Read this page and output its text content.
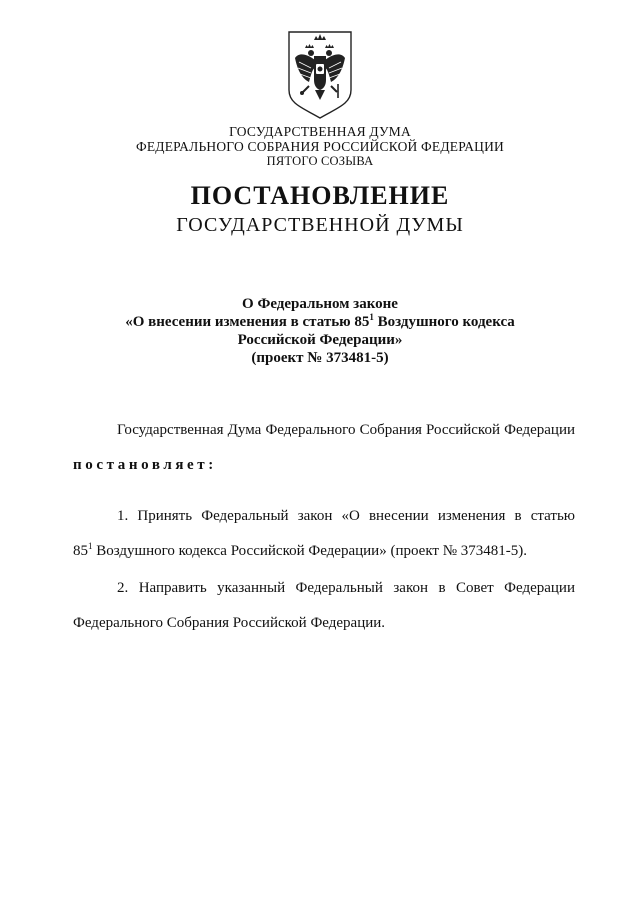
ГОСУДАРСТВЕННАЯ ДУМА
ФЕДЕРАЛЬНОГО СОБРАНИЯ РОССИЙСКОЙ ФЕДЕРАЦИИ
ПЯТОГО СОЗЫВА
ПОСТАНОВЛЕНИЕ
ГОСУДАРСТВЕННОЙ ДУМЫ
О Федеральном законе
«О внесении изменения в статью $85^1$ Воздушного кодекса
Российской Федерации»
(проект № 373481-5)

Государственная Дума Федерального Собрания Российской Федерации постановляет:

1. Принять Федеральный закон «О внесении изменения в статью

$85^1$ Воздушного кодекса Российской Федерации» (проект № 373481-5).

2. Направить указанный Федеральный закон в Совет Федерации

Федерального Собрания Российской Федерации.
